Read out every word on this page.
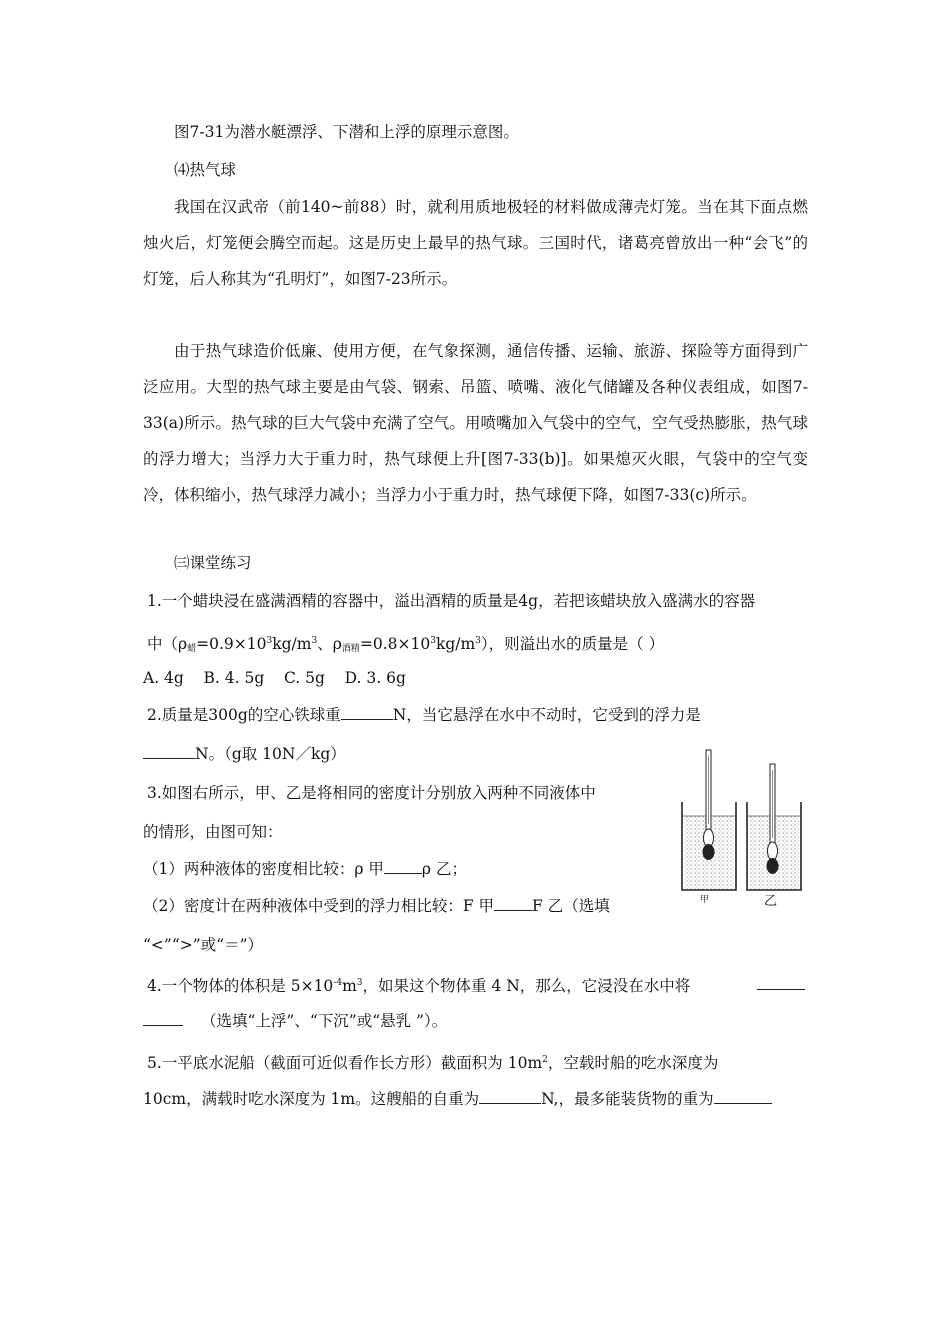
图7-31为潜水艇漂浮、下潜和上浮的原理示意图。
⑷热气球
我国在汉武帝（前140~前88）时，就利用质地极轻的材料做成薄壳灯笼。当在其下面点燃烛火后，灯笼便会腾空而起。这是历史上最早的热气球。三国时代，诸葛亮曾放出一种“会飞”的灯笼，后人称其为“孔明灯”，如图7-23所示。
由于热气球造价低廉、使用方便，在气象探测，通信传播、运输、旅游、探险等方面得到广泛应用。大型的热气球主要是由气袋、钢索、吊篮、喷嘴、液化气储罐及各种仪表组成，如图7-33(a)所示。热气球的巨大气袋中充满了空气。用喷嘴加入气袋中的空气，空气受热膨胀，热气球的浮力增大；当浮力大于重力时，热气球便上升[图7-33(b)]。如果熄灭火眼，气袋中的空气变冷，体积缩小，热气球浮力减小；当浮力小于重力时，热气球便下降，如图7-33(c)所示。
㈢课堂练习
1.一个蜡块浸在盛满酒精的容器中，溢出酒精的质量是4g，若把该蜡块放入盛满水的容器
中（$\rho_蜡=0.9\times 10^3kg/m^3$、$\rho_{酒精}=0.8\times 10^3kg/m^3$），则溢出水的质量是（ ）
A. 4g    B. 4. 5g    C. 5g    D. 3. 6g
2.质量是300g的空心铁球重	N，当它悬浮在水中不动时，它受到的浮力是
N。（g取 10N／kg）
3.如图右所示，甲、乙是将相同的密度计分别放入两种不同液体中
的情形，由图可知：
（1）两种液体的密度相比较：ρ 甲 ρ 乙；
（2）密度计在两种液体中受到的浮力相比较：F 甲 F 乙（选填
“<”“>”或“＝”）
甲	乙
4.一个物体的体积是 $5\times 10^{-4}m^3$，如果这个物体重 4 N，那么，它浸没在水中将
（选填“上浮”、“下沉”或“悬乳 ”）。
5.一平底水泥船（截面可近似看作长方形）截面积为 $10m^2$，空载时船的吃水深度为
10cm，满载时吃水深度为 1m。这艘船的自重为	N,，最多能装货物的重为
